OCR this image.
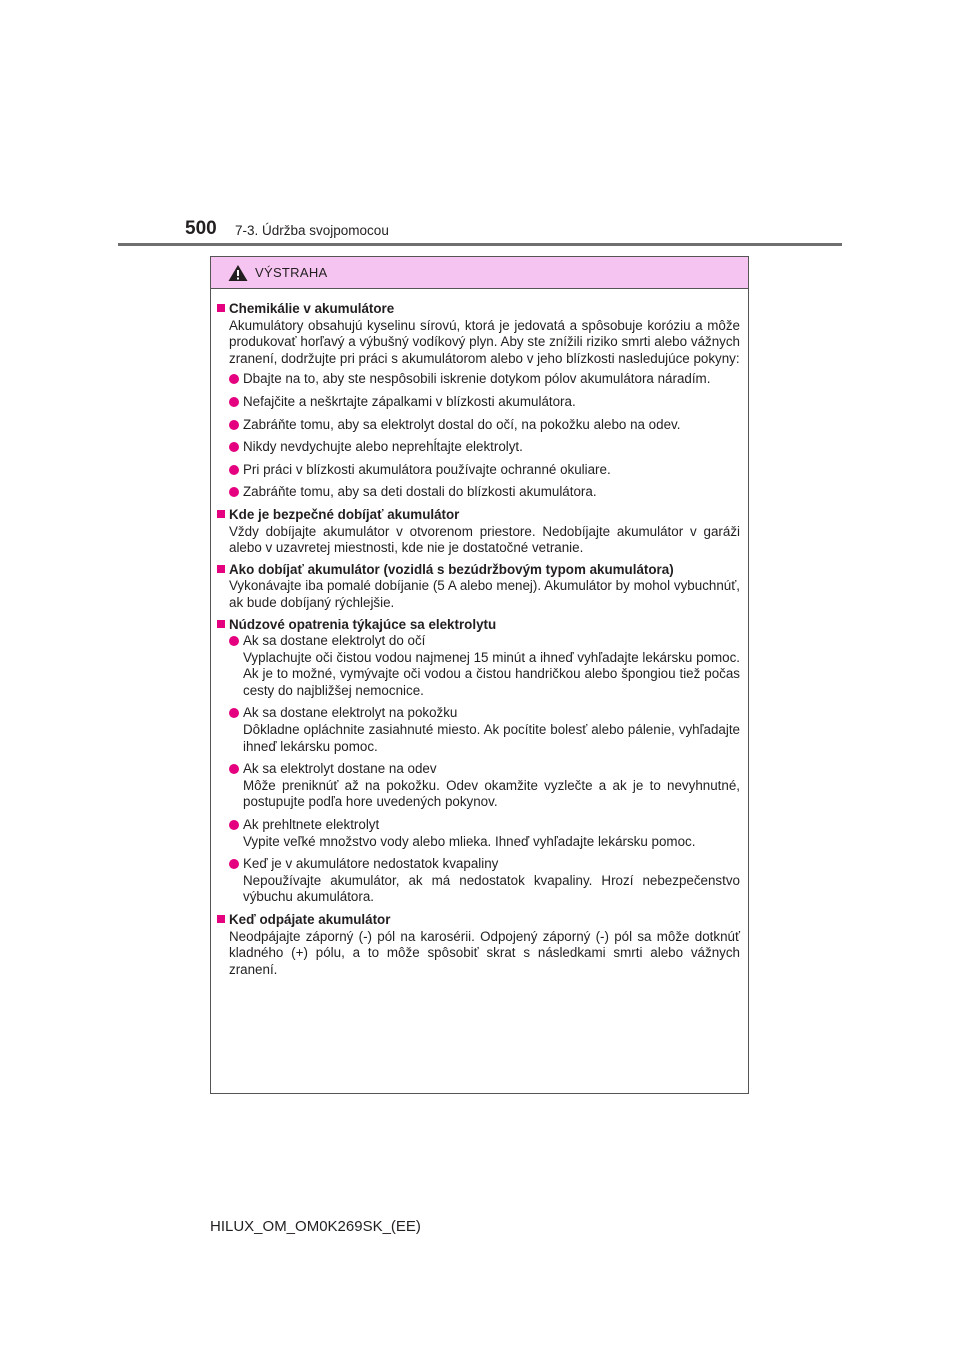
500 7-3. Údržba svojpomocou
VÝSTRAHA
Chemikálie v akumulátore
Akumulátory obsahujú kyselinu sírovú, ktorá je jedovatá a spôsobuje koróziu a môže produkovať horľavý a výbušný vodíkový plyn. Aby ste znížili riziko smrti alebo vážnych zranení, dodržujte pri práci s akumulátorom alebo v jeho blízkosti nasledujúce pokyny:
Dbajte na to, aby ste nespôsobili iskrenie dotykom pólov akumulátora náradím.
Nefajčite a neškrtajte zápalkami v blízkosti akumulátora.
Zabráňte tomu, aby sa elektrolyt dostal do očí, na pokožku alebo na odev.
Nikdy nevdychujte alebo neprehĺtajte elektrolyt.
Pri práci v blízkosti akumulátora používajte ochranné okuliare.
Zabráňte tomu, aby sa deti dostali do blízkosti akumulátora.
Kde je bezpečné dobíjať akumulátor
Vždy dobíjajte akumulátor v otvorenom priestore. Nedobíjajte akumulátor v garáži alebo v uzavretej miestnosti, kde nie je dostatočné vetranie.
Ako dobíjať akumulátor (vozidlá s bezúdržbovým typom akumulátora)
Vykonávajte iba pomalé dobíjanie (5 A alebo menej). Akumulátor by mohol vybuchnúť, ak bude dobíjaný rýchlejšie.
Núdzové opatrenia týkajúce sa elektrolytu
Ak sa dostane elektrolyt do očí
Vyplachujte oči čistou vodou najmenej 15 minút a ihneď vyhľadajte lekársku pomoc. Ak je to možné, vymývajte oči vodou a čistou handričkou alebo špongiou tiež počas cesty do najbližšej nemocnice.
Ak sa dostane elektrolyt na pokožku
Dôkladne opláchnite zasiahnuté miesto. Ak pocítite bolesť alebo pálenie, vyhľadajte ihneď lekársku pomoc.
Ak sa elektrolyt dostane na odev
Môže preniknúť až na pokožku. Odev okamžite vyzlečte a ak je to nevyhnutné, postupujte podľa hore uvedených pokynov.
Ak prehltnete elektrolyt
Vypite veľké množstvo vody alebo mlieka. Ihneď vyhľadajte lekársku pomoc.
Keď je v akumulátore nedostatok kvapaliny
Nepoužívajte akumulátor, ak má nedostatok kvapaliny. Hrozí nebezpečenstvo výbuchu akumulátora.
Keď odpájate akumulátor
Neodpájajte záporný (-) pól na karosérii. Odpojený záporný (-) pól sa môže dotknúť kladného (+) pólu, a to môže spôsobiť skrat s následkami smrti alebo vážnych zranení.
HILUX_OM_OM0K269SK_(EE)
